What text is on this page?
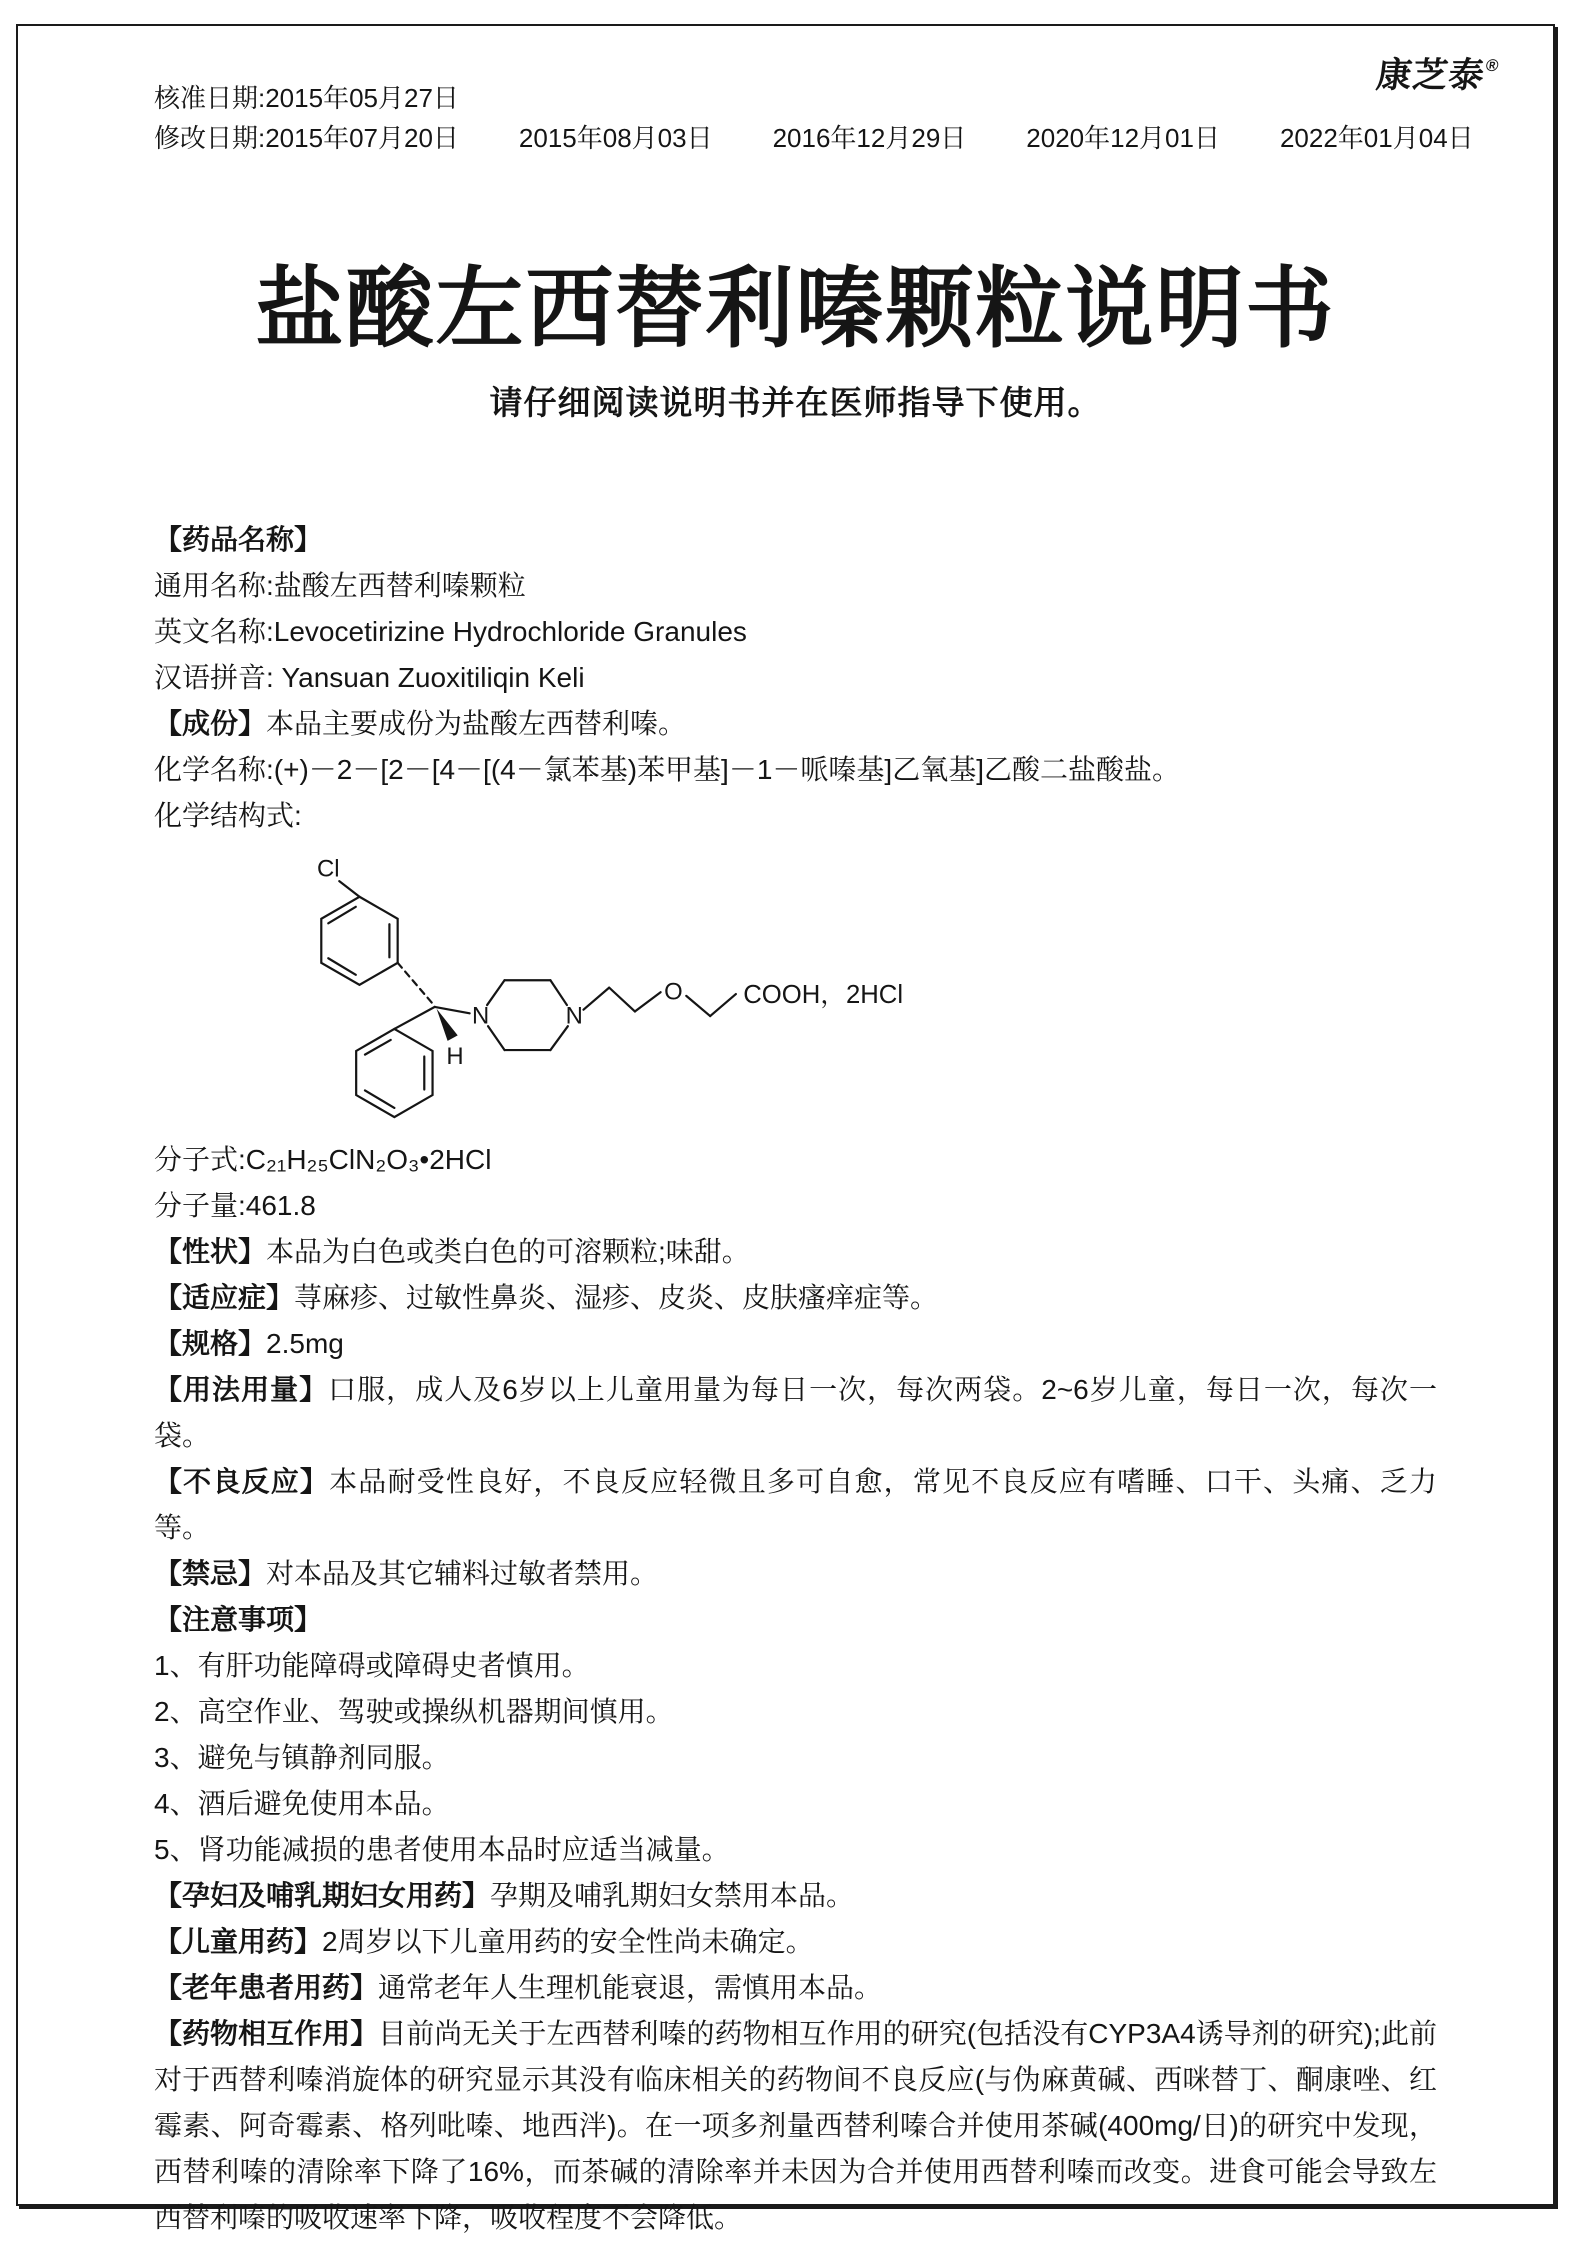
康芝泰®
核准日期:2015年05月27日
修改日期:2015年07月20日 2015年08月03日 2016年12月29日 2020年12月01日 2022年01月04日
盐酸左西替利嗪颗粒说明书
请仔细阅读说明书并在医师指导下使用。

【药品名称】

通用名称:盐酸左西替利嗪颗粒

英文名称:Levocetirizine Hydrochloride Granules

汉语拼音: Yansuan Zuoxitiliqin Keli

【成份】本品主要成份为盐酸左西替利嗪。

化学名称:(+)－2－[2－[4－[(4－氯苯基)苯甲基]－1－哌嗪基]乙氧基]乙酸二盐酸盐。

化学结构式:

Cl
H
N	N
O COOH，2HCl

分子式:C₂₁H₂₅ClN₂O₃•2HCl

分子量:461.8

【性状】本品为白色或类白色的可溶颗粒;味甜。

【适应症】荨麻疹、过敏性鼻炎、湿疹、皮炎、皮肤瘙痒症等。

【规格】2.5mg

【用法用量】口服，成人及6岁以上儿童用量为每日一次，每次两袋。2~6岁儿童，每日一次，每次一袋。

【不良反应】本品耐受性良好，不良反应轻微且多可自愈，常见不良反应有嗜睡、口干、头痛、乏力等。

【禁忌】对本品及其它辅料过敏者禁用。

【注意事项】

1、有肝功能障碍或障碍史者慎用。

2、高空作业、驾驶或操纵机器期间慎用。

3、避免与镇静剂同服。

4、酒后避免使用本品。

5、肾功能减损的患者使用本品时应适当减量。

【孕妇及哺乳期妇女用药】孕期及哺乳期妇女禁用本品。

【儿童用药】2周岁以下儿童用药的安全性尚未确定。

【老年患者用药】通常老年人生理机能衰退，需慎用本品。

【药物相互作用】目前尚无关于左西替利嗪的药物相互作用的研究(包括没有CYP3A4诱导剂的研究);此前对于西替利嗪消旋体的研究显示其没有临床相关的药物间不良反应(与伪麻黄碱、西咪替丁、酮康唑、红霉素、阿奇霉素、格列吡嗪、地西泮)。在一项多剂量西替利嗪合并使用茶碱(400mg/日)的研究中发现，西替利嗪的清除率下降了16%，而茶碱的清除率并未因为合并使用西替利嗪而改变。进食可能会导致左西替利嗪的吸收速率下降，吸收程度不会降低。
